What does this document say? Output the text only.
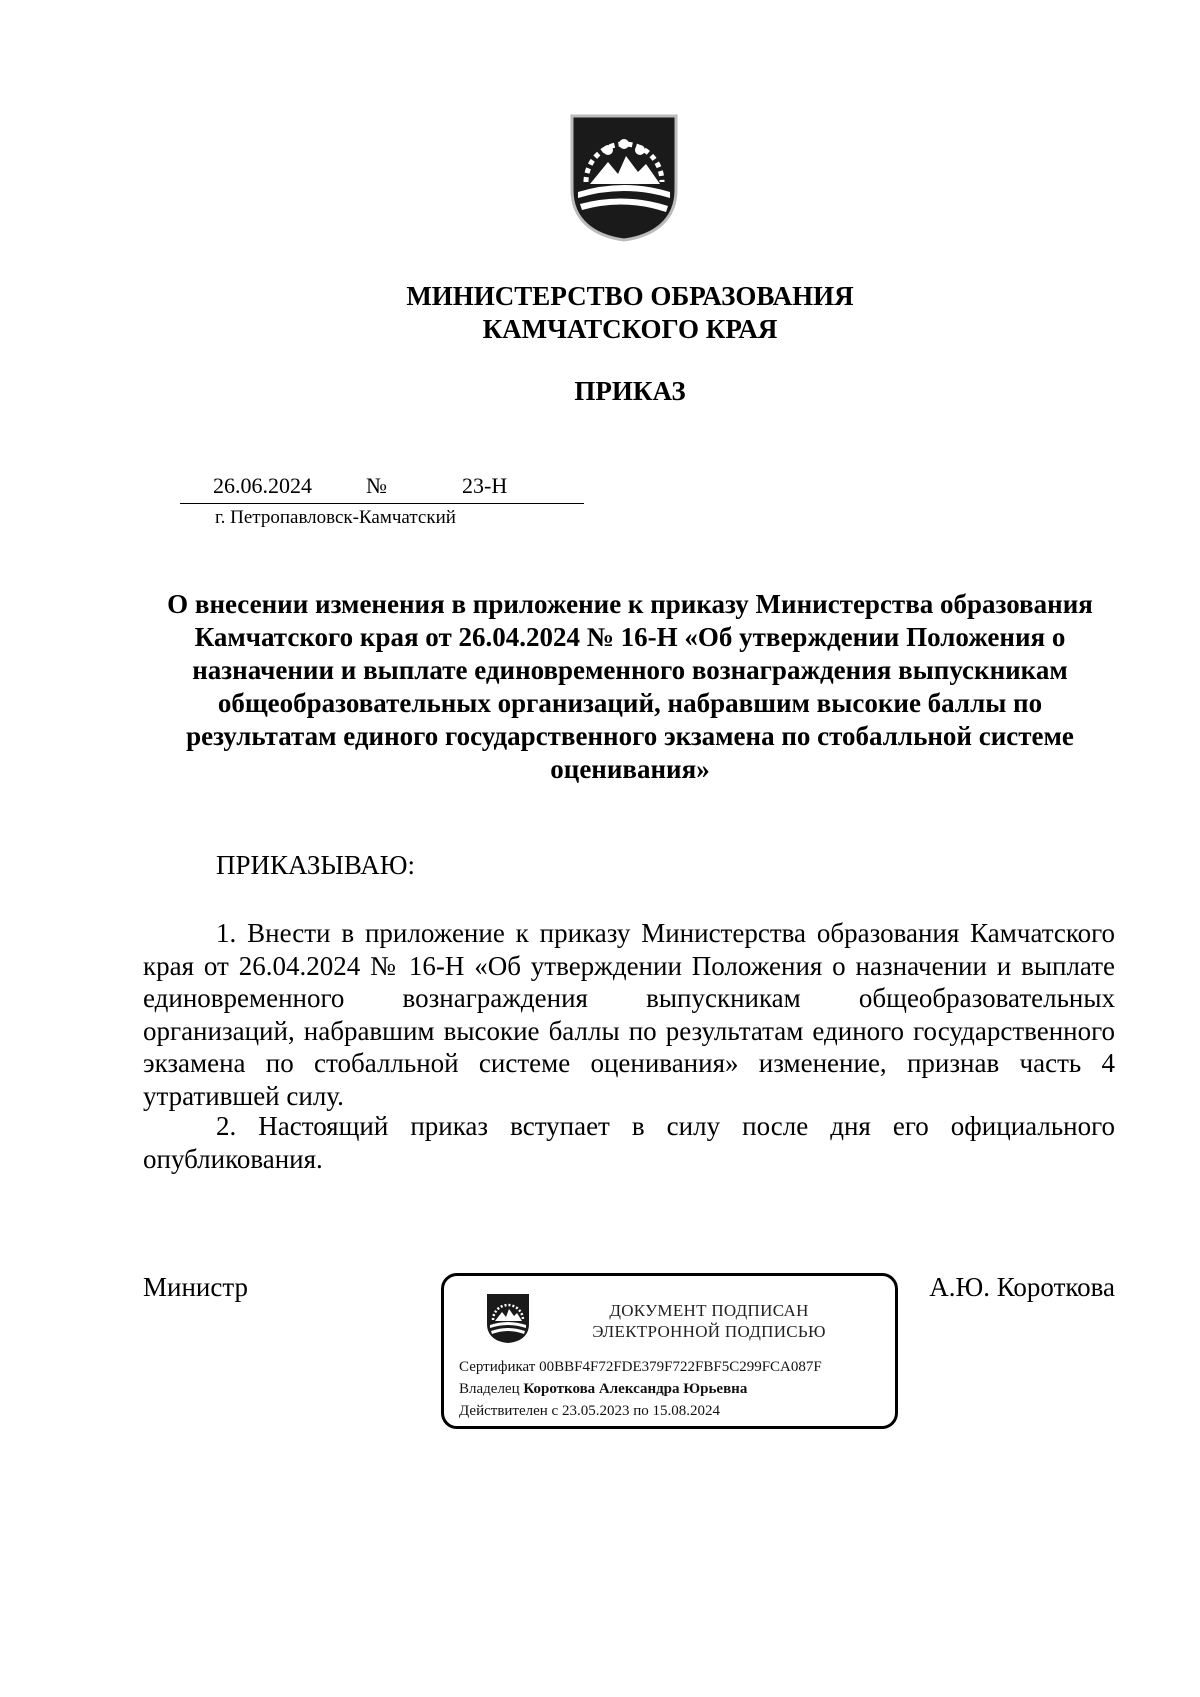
МИНИСТЕРСТВО ОБРАЗОВАНИЯ
КАМЧАТСКОГО КРАЯ
ПРИКАЗ
26.06.2024 №	23-Н
г. Петропавловск-Камчатский
О внесении изменения в приложение к приказу Министерства образования
Камчатского края от 26.04.2024 № 16-Н «Об утверждении Положения о
назначении и выплате единовременного вознаграждения выпускникам
общеобразовательных организаций, набравшим высокие баллы по
результатам единого государственного экзамена по стобалльной системе
оценивания»
ПРИКАЗЫВАЮ:
1. Внести в приложение к приказу Министерства образования Камчатского края от 26.04.2024 № 16-Н «Об утверждении Положения о назначении и выплате единовременного вознаграждения выпускникам общеобразовательных организаций, набравшим высокие баллы по результатам единого государственного экзамена по стобалльной системе оценивания» изменение, признав часть 4 утратившей силу.
2. Настоящий приказ вступает в силу после дня его официального опубликования.
Министр	А.Ю. Короткова
ДОКУМЕНТ ПОДПИСАН
ЭЛЕКТРОННОЙ ПОДПИСЬЮ
Сертификат 00BBF4F72FDE379F722FBF5C299FCA087F
Владелец Короткова Александра Юрьевна
Действителен с 23.05.2023 по 15.08.2024
